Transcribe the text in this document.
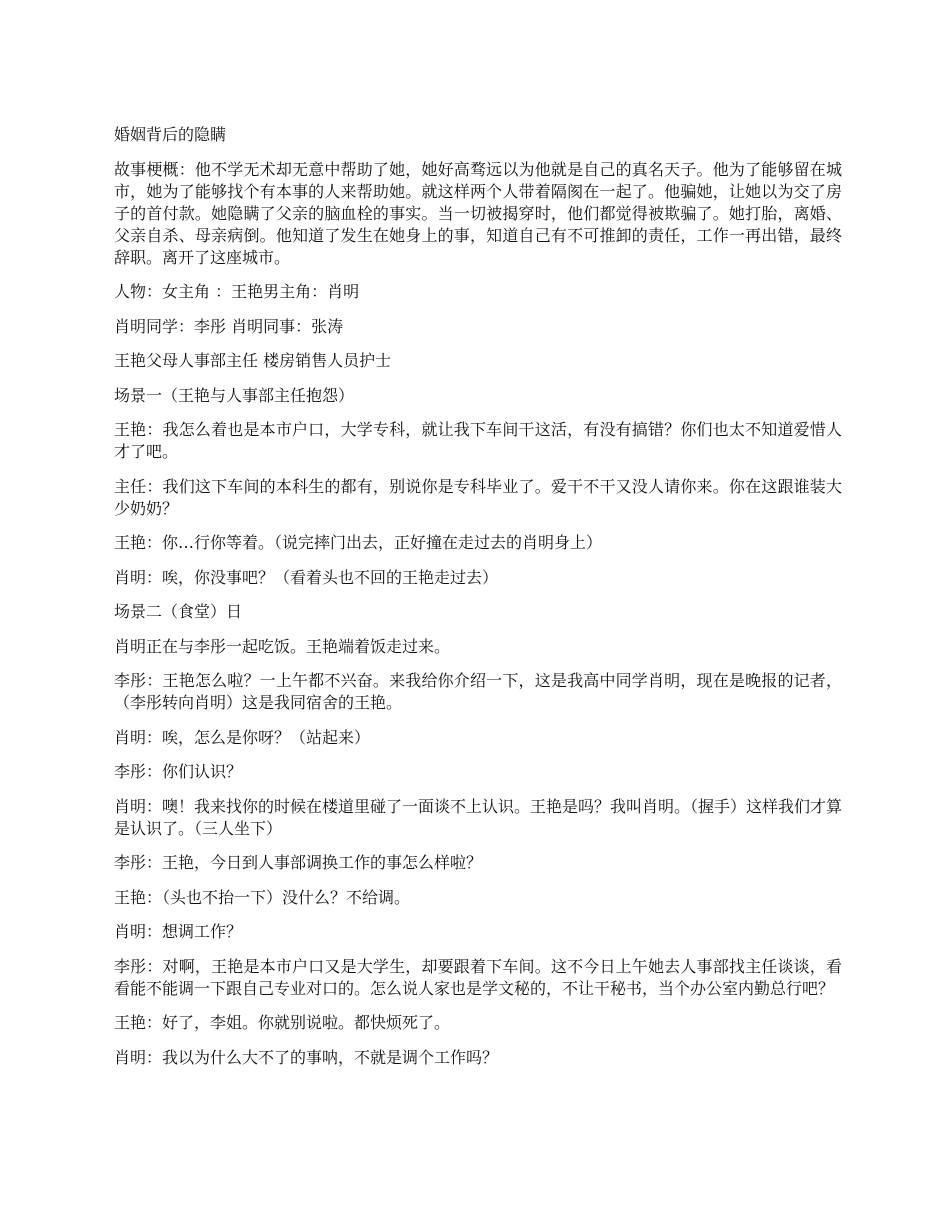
婚姻背后的隐瞒

故事梗概：他不学无术却无意中帮助了她，她好高骛远以为他就是自己的真名天子。他为了能够留在城市，她为了能够找个有本事的人来帮助她。就这样两个人带着隔阂在一起了。他骗她，让她以为交了房子的首付款。她隐瞒了父亲的脑血栓的事实。当一切被揭穿时，他们都觉得被欺骗了。她打胎，离婚、父亲自杀、母亲病倒。他知道了发生在她身上的事，知道自己有不可推卸的责任，工作一再出错，最终辞职。离开了这座城市。

人物：女主角 ：王艳男主角：肖明

肖明同学：李彤 肖明同事：张涛

王艳父母人事部主任 楼房销售人员护士

场景一（王艳与人事部主任抱怨）

王艳：我怎么着也是本市户口，大学专科，就让我下车间干这活，有没有搞错？你们也太不知道爱惜人才了吧。

主任：我们这下车间的本科生的都有，别说你是专科毕业了。爱干不干又没人请你来。你在这跟谁装大少奶奶？

王艳：你…行你等着。（说完摔门出去，正好撞在走过去的肖明身上）

肖明：唉，你没事吧？（看着头也不回的王艳走过去）

场景二（食堂）日

肖明正在与李彤一起吃饭。王艳端着饭走过来。

李彤：王艳怎么啦？一上午都不兴奋。来我给你介绍一下，这是我高中同学肖明，现在是晚报的记者，（李彤转向肖明）这是我同宿舍的王艳。

肖明：唉，怎么是你呀？（站起来）

李彤：你们认识？

肖明：噢！我来找你的时候在楼道里碰了一面谈不上认识。王艳是吗？我叫肖明。（握手）这样我们才算是认识了。（三人坐下）

李彤：王艳，今日到人事部调换工作的事怎么样啦？

王艳：（头也不抬一下）没什么？不给调。

肖明：想调工作？

李彤：对啊，王艳是本市户口又是大学生，却要跟着下车间。这不今日上午她去人事部找主任谈谈，看看能不能调一下跟自己专业对口的。怎么说人家也是学文秘的，不让干秘书，当个办公室内勤总行吧？

王艳：好了，李姐。你就别说啦。都快烦死了。

肖明：我以为什么大不了的事呐，不就是调个工作吗？
